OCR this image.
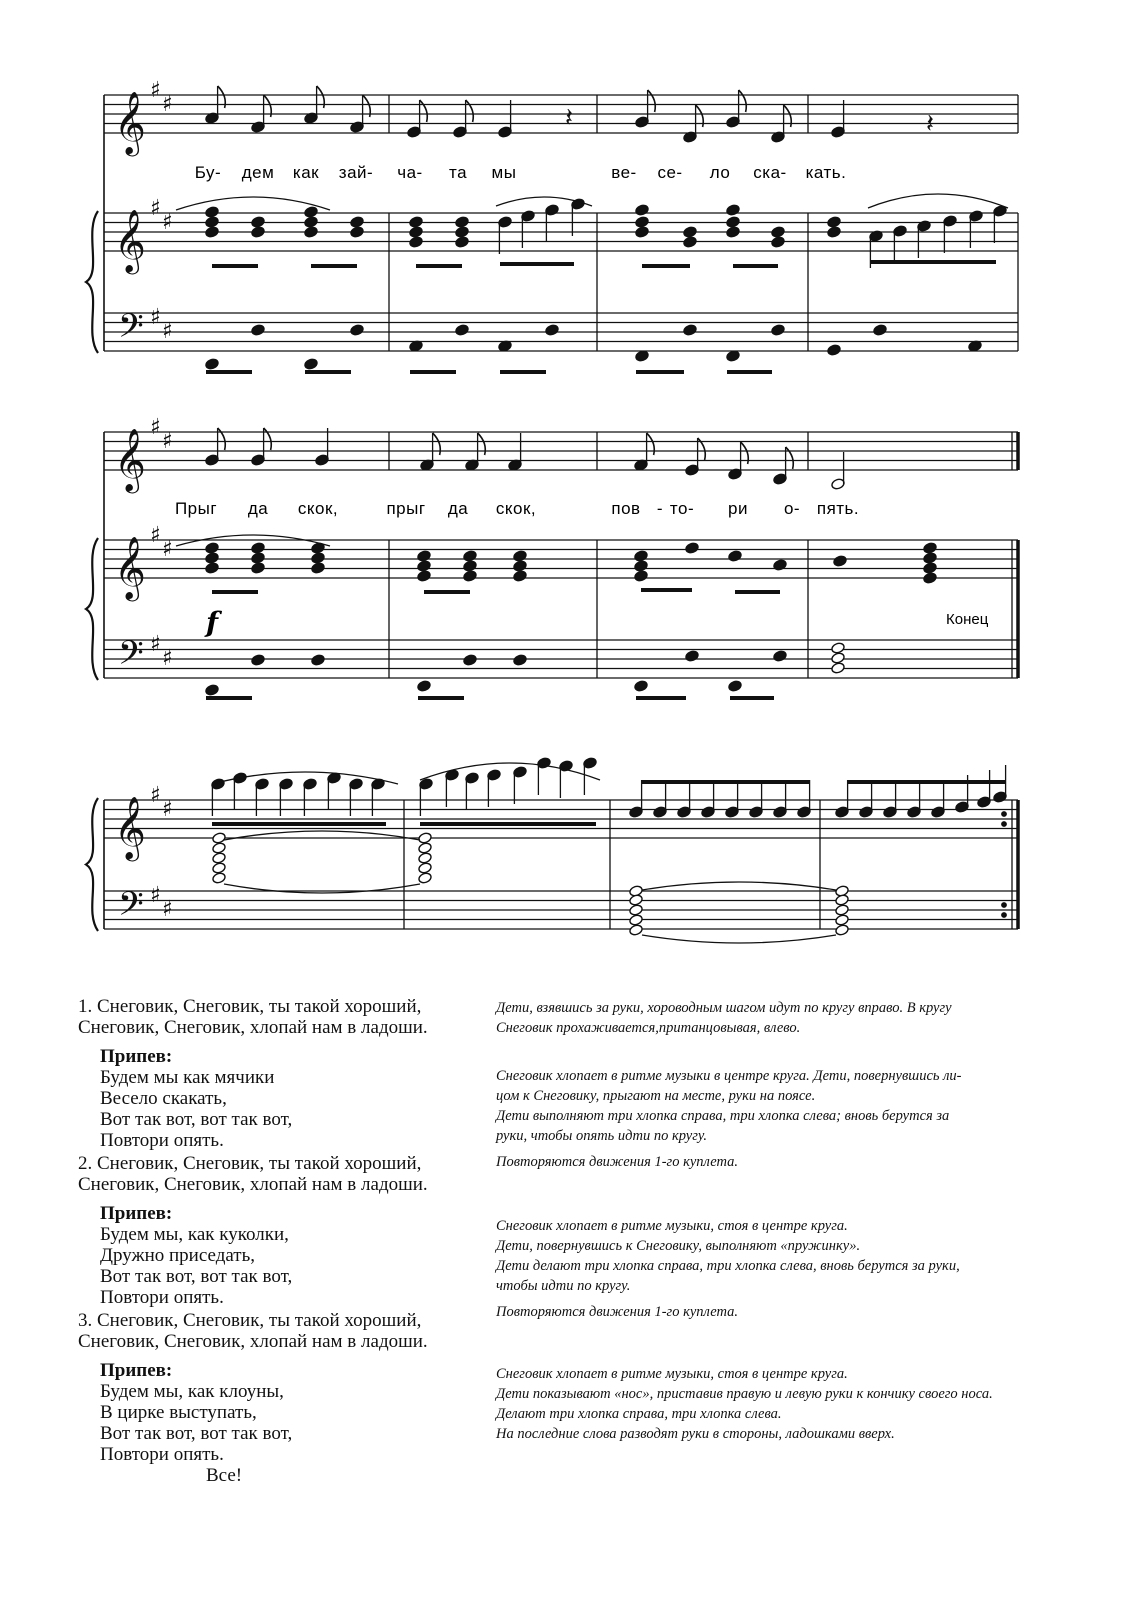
𝄞
𝄞
𝄢
♯
♯
♯
♯
♯
♯
𝄽	𝄽
𝄞
𝄞
𝄢
♯
♯
♯
♯
♯
♯
𝄞
𝄢
♯
♯
♯
♯
Бу- дем как зай- ча- та мы	ве- се- ло ска- кать.
Прыг да скок,	прыг да скок,	пов - то- ри о- пять.
f	Конец
1. Снеговик, Снеговик, ты такой хороший,
Снеговик, Снеговик, хлопай нам в ладоши.
Припев:
Будем мы как мячики
Весело скакать,
Вот так вот, вот так вот,
Повтори опять.
2. Снеговик, Снеговик, ты такой хороший,
Снеговик, Снеговик, хлопай нам в ладоши.
Припев:
Будем мы, как куколки,
Дружно приседать,
Вот так вот, вот так вот,
Повтори опять.
3. Снеговик, Снеговик, ты такой хороший,
Снеговик, Снеговик, хлопай нам в ладоши.
Припев:
Будем мы, как клоуны,
В цирке выступать,
Вот так вот, вот так вот,
Повтори опять.
Все!
Дети, взявшись за руки, хороводным шагом идут по кругу вправо. В кругу
Снеговик прохаживается,пританцовывая, влево.
Снеговик хлопает в ритме музыки в центре круга. Дети, повернувшись ли-
цом к Снеговику, прыгают на месте, руки на поясе.
Дети выполняют три хлопка справа, три хлопка слева; вновь берутся за
руки, чтобы опять идти по кругу.
Повторяются движения 1-го куплета.
Снеговик хлопает в ритме музыки, стоя в центре круга.
Дети, повернувшись к Снеговику, выполняют «пружинку».
Дети делают три хлопка справа, три хлопка слева, вновь берутся за руки,
чтобы идти по кругу.
Повторяются движения 1-го куплета.
Снеговик хлопает в ритме музыки, стоя в центре круга.
Дети показывают «нос», приставив правую и левую руки к кончику своего носа.
Делают три хлопка справа, три хлопка слева.
На последние слова разводят руки в стороны, ладошками вверх.
